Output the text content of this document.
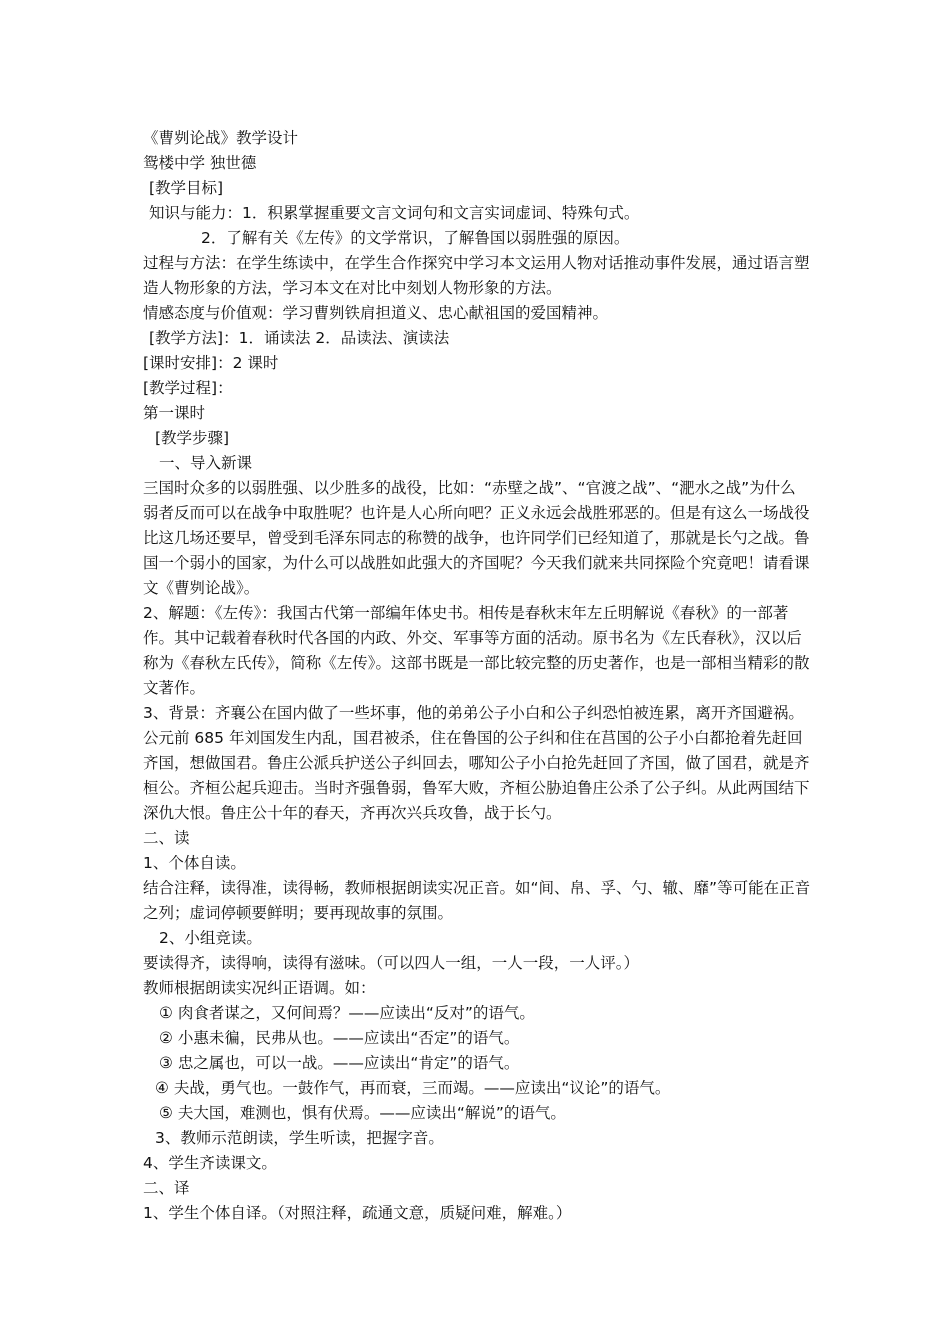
《曹刿论战》教学设计

鸳楼中学 独世德

[教学目标]

知识与能力：1．积累掌握重要文言文词句和文言实词虚词、特殊句式。

2．了解有关《左传》的文学常识，了解鲁国以弱胜强的原因。

过程与方法：在学生练读中，在学生合作探究中学习本文运用人物对话推动事件发展，通过语言塑造人物形象的方法，学习本文在对比中刻划人物形象的方法。

情感态度与价值观：学习曹刿铁肩担道义、忠心献祖国的爱国精神。

[教学方法]：1．诵读法 2．品读法、演读法

[课时安排]：2 课时

[教学过程]：

第一课时

[教学步骤]

一、导入新课

三国时众多的以弱胜强、以少胜多的战役，比如：“赤壁之战”、“官渡之战”、“淝水之战”为什么弱者反而可以在战争中取胜呢？也许是人心所向吧？正义永远会战胜邪恶的。但是有这么一场战役比这几场还要早，曾受到毛泽东同志的称赞的战争，也许同学们已经知道了，那就是长勺之战。鲁国一个弱小的国家，为什么可以战胜如此强大的齐国呢？今天我们就来共同探险个究竟吧！请看课文《曹刿论战》。

2、解题：《左传》：我国古代第一部编年体史书。相传是春秋末年左丘明解说《春秋》的一部著作。其中记载着春秋时代各国的内政、外交、军事等方面的活动。原书名为《左氏春秋》，汉以后称为《春秋左氏传》，简称《左传》。这部书既是一部比较完整的历史著作，也是一部相当精彩的散文著作。

3、背景：齐襄公在国内做了一些坏事，他的弟弟公子小白和公子纠恐怕被连累，离开齐国避祸。公元前 685 年刘国发生内乱，国君被杀，住在鲁国的公子纠和住在莒国的公子小白都抢着先赶回齐国，想做国君。鲁庄公派兵护送公子纠回去，哪知公子小白抢先赶回了齐国，做了国君，就是齐桓公。齐桓公起兵迎击。当时齐强鲁弱，鲁军大败，齐桓公胁迫鲁庄公杀了公子纠。从此两国结下深仇大恨。鲁庄公十年的春天，齐再次兴兵攻鲁，战于长勺。

二、读

1、个体自读。

结合注释，读得准，读得畅，教师根据朗读实况正音。如“间、帛、孚、勺、辙、靡”等可能在正音之列；虚词停顿要鲜明；要再现故事的氛围。

2、小组竞读。

要读得齐，读得响，读得有滋味。（可以四人一组，一人一段，一人评。）

教师根据朗读实况纠正语调。如：

① 肉食者谋之，又何间焉？——应读出“反对”的语气。

② 小惠未徧，民弗从也。——应读出“否定”的语气。

③ 忠之属也，可以一战。——应读出“肯定”的语气。

④ 夫战，勇气也。一鼓作气，再而衰，三而竭。——应读出“议论”的语气。

⑤ 夫大国，难测也，惧有伏焉。——应读出“解说”的语气。

3、教师示范朗读，学生听读，把握字音。

4、学生齐读课文。

二、译

1、学生个体自译。（对照注释，疏通文意，质疑问难，解难。）
